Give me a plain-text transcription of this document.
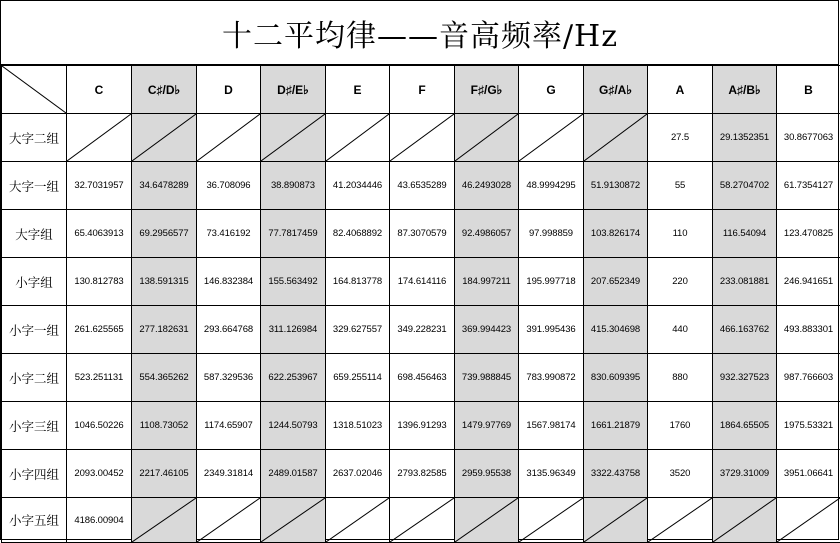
十二平均律——音高频率/Hz
	C	C♯/D♭	D	D♯/E♭	E	F	F♯/G♭	G	G♯/A♭	A	A♯/B♭	B
大字二组										27.5	29.1352351	30.8677063
大字一组	32.7031957	34.6478289	36.708096	38.890873	41.2034446	43.6535289	46.2493028	48.9994295	51.9130872	55	58.2704702	61.7354127
大字组	65.4063913	69.2956577	73.416192	77.7817459	82.4068892	87.3070579	92.4986057	97.998859	103.826174	110	116.54094	123.470825
小字组	130.812783	138.591315	146.832384	155.563492	164.813778	174.614116	184.997211	195.997718	207.652349	220	233.081881	246.941651
小字一组	261.625565	277.182631	293.664768	311.126984	329.627557	349.228231	369.994423	391.995436	415.304698	440	466.163762	493.883301
小字二组	523.251131	554.365262	587.329536	622.253967	659.255114	698.456463	739.988845	783.990872	830.609395	880	932.327523	987.766603
小字三组	1046.50226	1108.73052	1174.65907	1244.50793	1318.51023	1396.91293	1479.97769	1567.98174	1661.21879	1760	1864.65505	1975.53321
小字四组	2093.00452	2217.46105	2349.31814	2489.01587	2637.02046	2793.82585	2959.95538	3135.96349	3322.43758	3520	3729.31009	3951.06641
小字五组	4186.00904	
